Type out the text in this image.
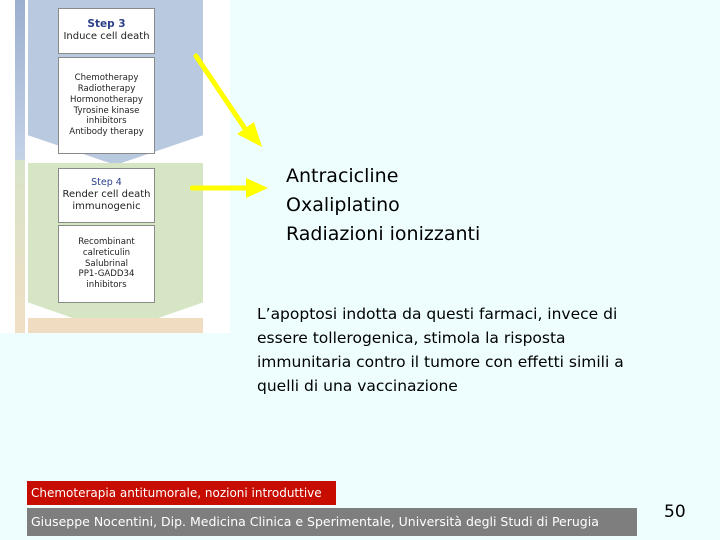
Step 3
Induce cell death
Chemotherapy
Radiotherapy
Hormonotherapy
Tyrosine kinase
inhibitors
Antibody therapy
Step 4
Render cell death
immunogenic
Recombinant
calreticulin
Salubrinal
PP1-GADD34
inhibitors
Antracicline
Oxaliplatino
Radiazioni ionizzanti

L’apoptosi indotta da questi farmaci, invece di essere tollerogenica, stimola la risposta immunitaria contro il tumore con effetti simili a quelli di una vaccinazione

Chemoterapia antitumorale, nozioni introduttive
Giuseppe Nocentini, Dip. Medicina Clinica e Sperimentale, Università degli Studi di Perugia	50
